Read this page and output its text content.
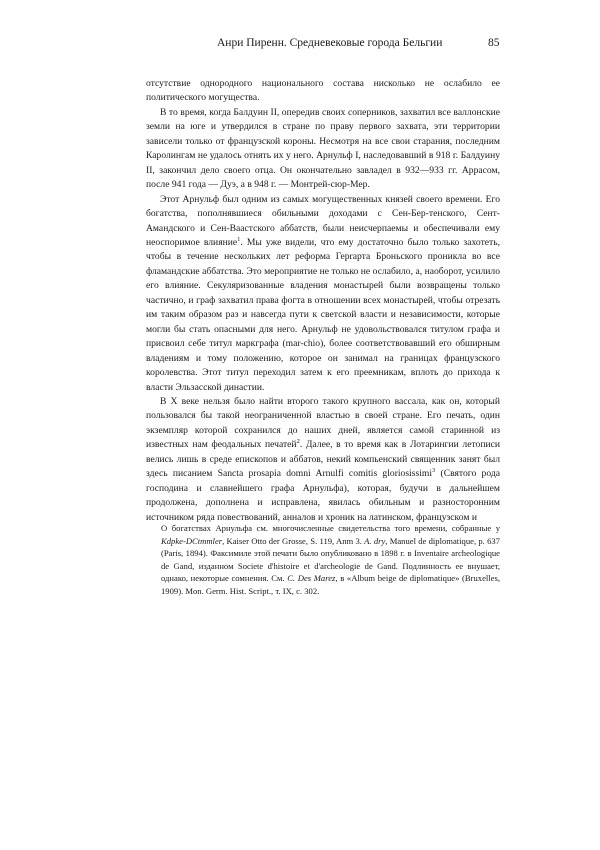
Анри Пиренн. Средневековые города Бельгии	85

отсутствие однородного национального состава нисколько не ослабило ее политического могущества.

В то время, когда Балдуин II, опередив своих соперников, захватил все валлонские земли на юге и утвердился в стране по праву первого захвата, эти территории зависели только от французской короны. Несмотря на все свои старания, последним Каролингам не удалось отнять их у него. Арнульф I, наследовавший в 918 г. Балдуину II, закончил дело своего отца. Он окончательно завладел в 932—933 гг. Аррасом, после 941 года — Дуэ, а в 948 г. — Монтрей-сюр-Мер.

Этот Арнульф был одним из самых могущественных князей своего времени. Его богатства, пополнявшиеся обильными доходами с Сен-Бер-тенского, Сент-Амандского и Сен-Ваастского аббатств, были неисчерпаемы и обеспечивали ему неоспоримое влияние$^1$. Мы уже видели, что ему достаточно было только захотеть, чтобы в течение нескольких лет реформа Герrарта Броньского проникла во все фламандские аббатства. Это мероприятие не только не ослабило, а, наоборот, усилило его влияние. Секуляризованные владения монастырей были возвращены только частично, и граф захватил права фогта в отношении всех монастырей, чтобы отрезать им таким образом раз и навсегда пути к светской власти и независимости, которые могли бы стать опасными для него. Арнульф не удовольствовался титулом графа и присвоил себе титул маркграфа (mar-chio), более соответствовавший его обширным владениям и тому положению, которое он занимал на границах французского королевства. Этот титул переходил затем к его преемникам, вплоть до прихода к власти Эльзасской династии.

В X веке нельзя было найти второго такого крупного вассала, как он, который пользовался бы такой неограниченной властью в своей стране. Его печать, один экземпляр которой сохранился до наших дней, является самой старинной из известных нам феодальных печатей$^2$. Далее, в то время как в Лотарингии летописи велись лишь в среде епископов и аббатов, некий компьенский священник занят был здесь писанием Sancta prosapia domni Arnulfi comitis gloriosissimi$^3$ (Святого рода господина и славнейшего графа Арнульфа), которая, будучи в дальнейшем продолжена, дополнена и исправлена, явилась обильным и разносторонним источником ряда повествований, анналов и хроник на латинском, французском и

О богатствах Арнульфа см. многочисленные свидетельства того времени, собранные у Kdpke-DCtmmler, Kaiser Otto der Grosse, S. 119, Anm 3. A. dry, Manuel de diplomatique, p. 637 (Paris, 1894). Факсимиле этой печати было опубликовано в 1898 г. в Inventaire archeologique de Gand, изданном Societe d'histoire et d'archeologie de Gand. Подлинность ее внушает, однако, некоторые сомнения. См. С. Des Marez, в «Album beige de diplomatique» (Bruxelles, 1909). Mon. Germ. Hist. Script., т. IX, с. 302.
